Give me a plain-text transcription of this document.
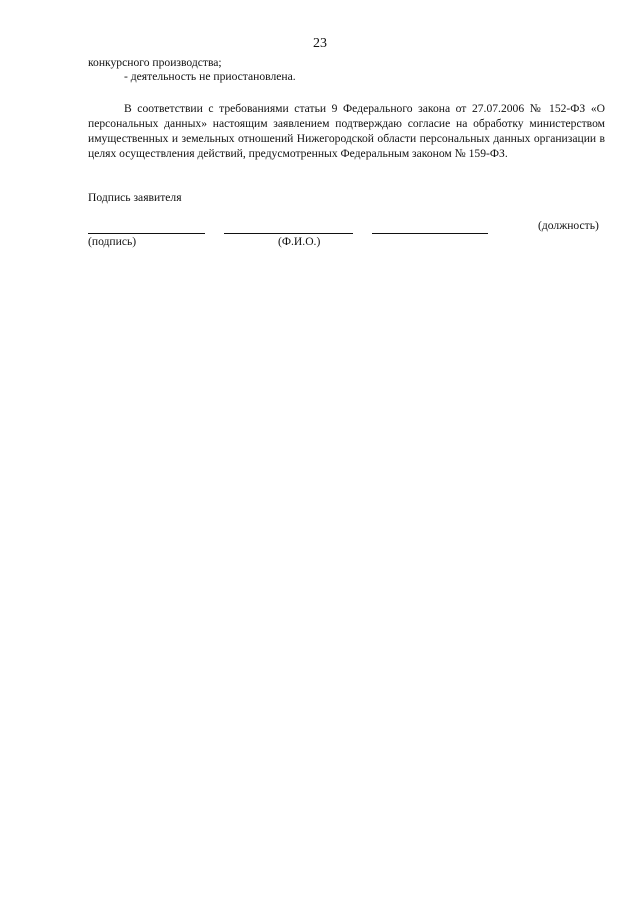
23
конкурсного производства;
- деятельность не приостановлена.
В соответствии с требованиями статьи 9 Федерального закона от 27.07.2006 № 152-ФЗ «О персональных данных» настоящим заявлением подтверждаю согласие на обработку министерством имущественных и земельных отношений Нижегородской области персональных данных организации в целях осуществления действий, предусмотренных Федеральным законом № 159-ФЗ.
Подпись заявителя
(должность)
(подпись)	(Ф.И.О.)
